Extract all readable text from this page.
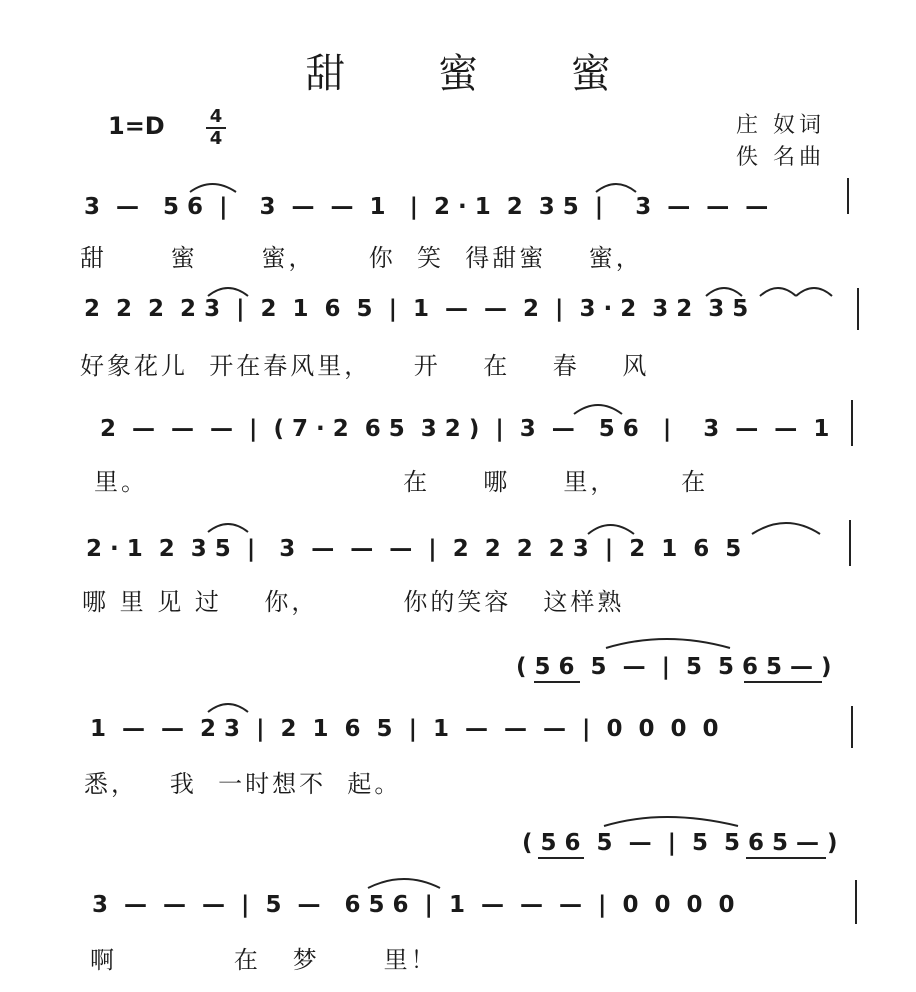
甜 蜜 蜜
1=D	4
4
庄 奴词
佚 名曲
3  —   5 6  |    3  —  —  1   |  2 · 1  2  3 5  |    3  —  —  —
甜      蜜      蜜，     你  笑  得甜蜜    蜜，
2  2  2  2 3  |  2  1  6  5  |  1  —  —  2  |  3 · 2  3 2  3 5
好象花儿  开在春风里，    开    在    春    风
2  —  —  —  |  ( 7 · 2  6 5  3 2 )  |  3  —   5 6   |    3  —  —  1
里。                        在     哪     里，      在
2 · 1  2  3 5  |   3  —  —  —  |  2  2  2  2 3  |  2  1  6  5
哪 里 见 过    你，        你的笑容   这样熟
( 5 6  5  —  |  5  5 6 5 — )
1  —  —  2 3  |  2  1  6  5  |  1  —  —  —  |  0  0  0  0
悉，   我  一时想不  起。
( 5 6  5  —  |  5  5 6 5 — )
3  —  —  —  |  5  —   6 5 6  |  1  —  —  —  |  0  0  0  0
啊           在   梦      里！
